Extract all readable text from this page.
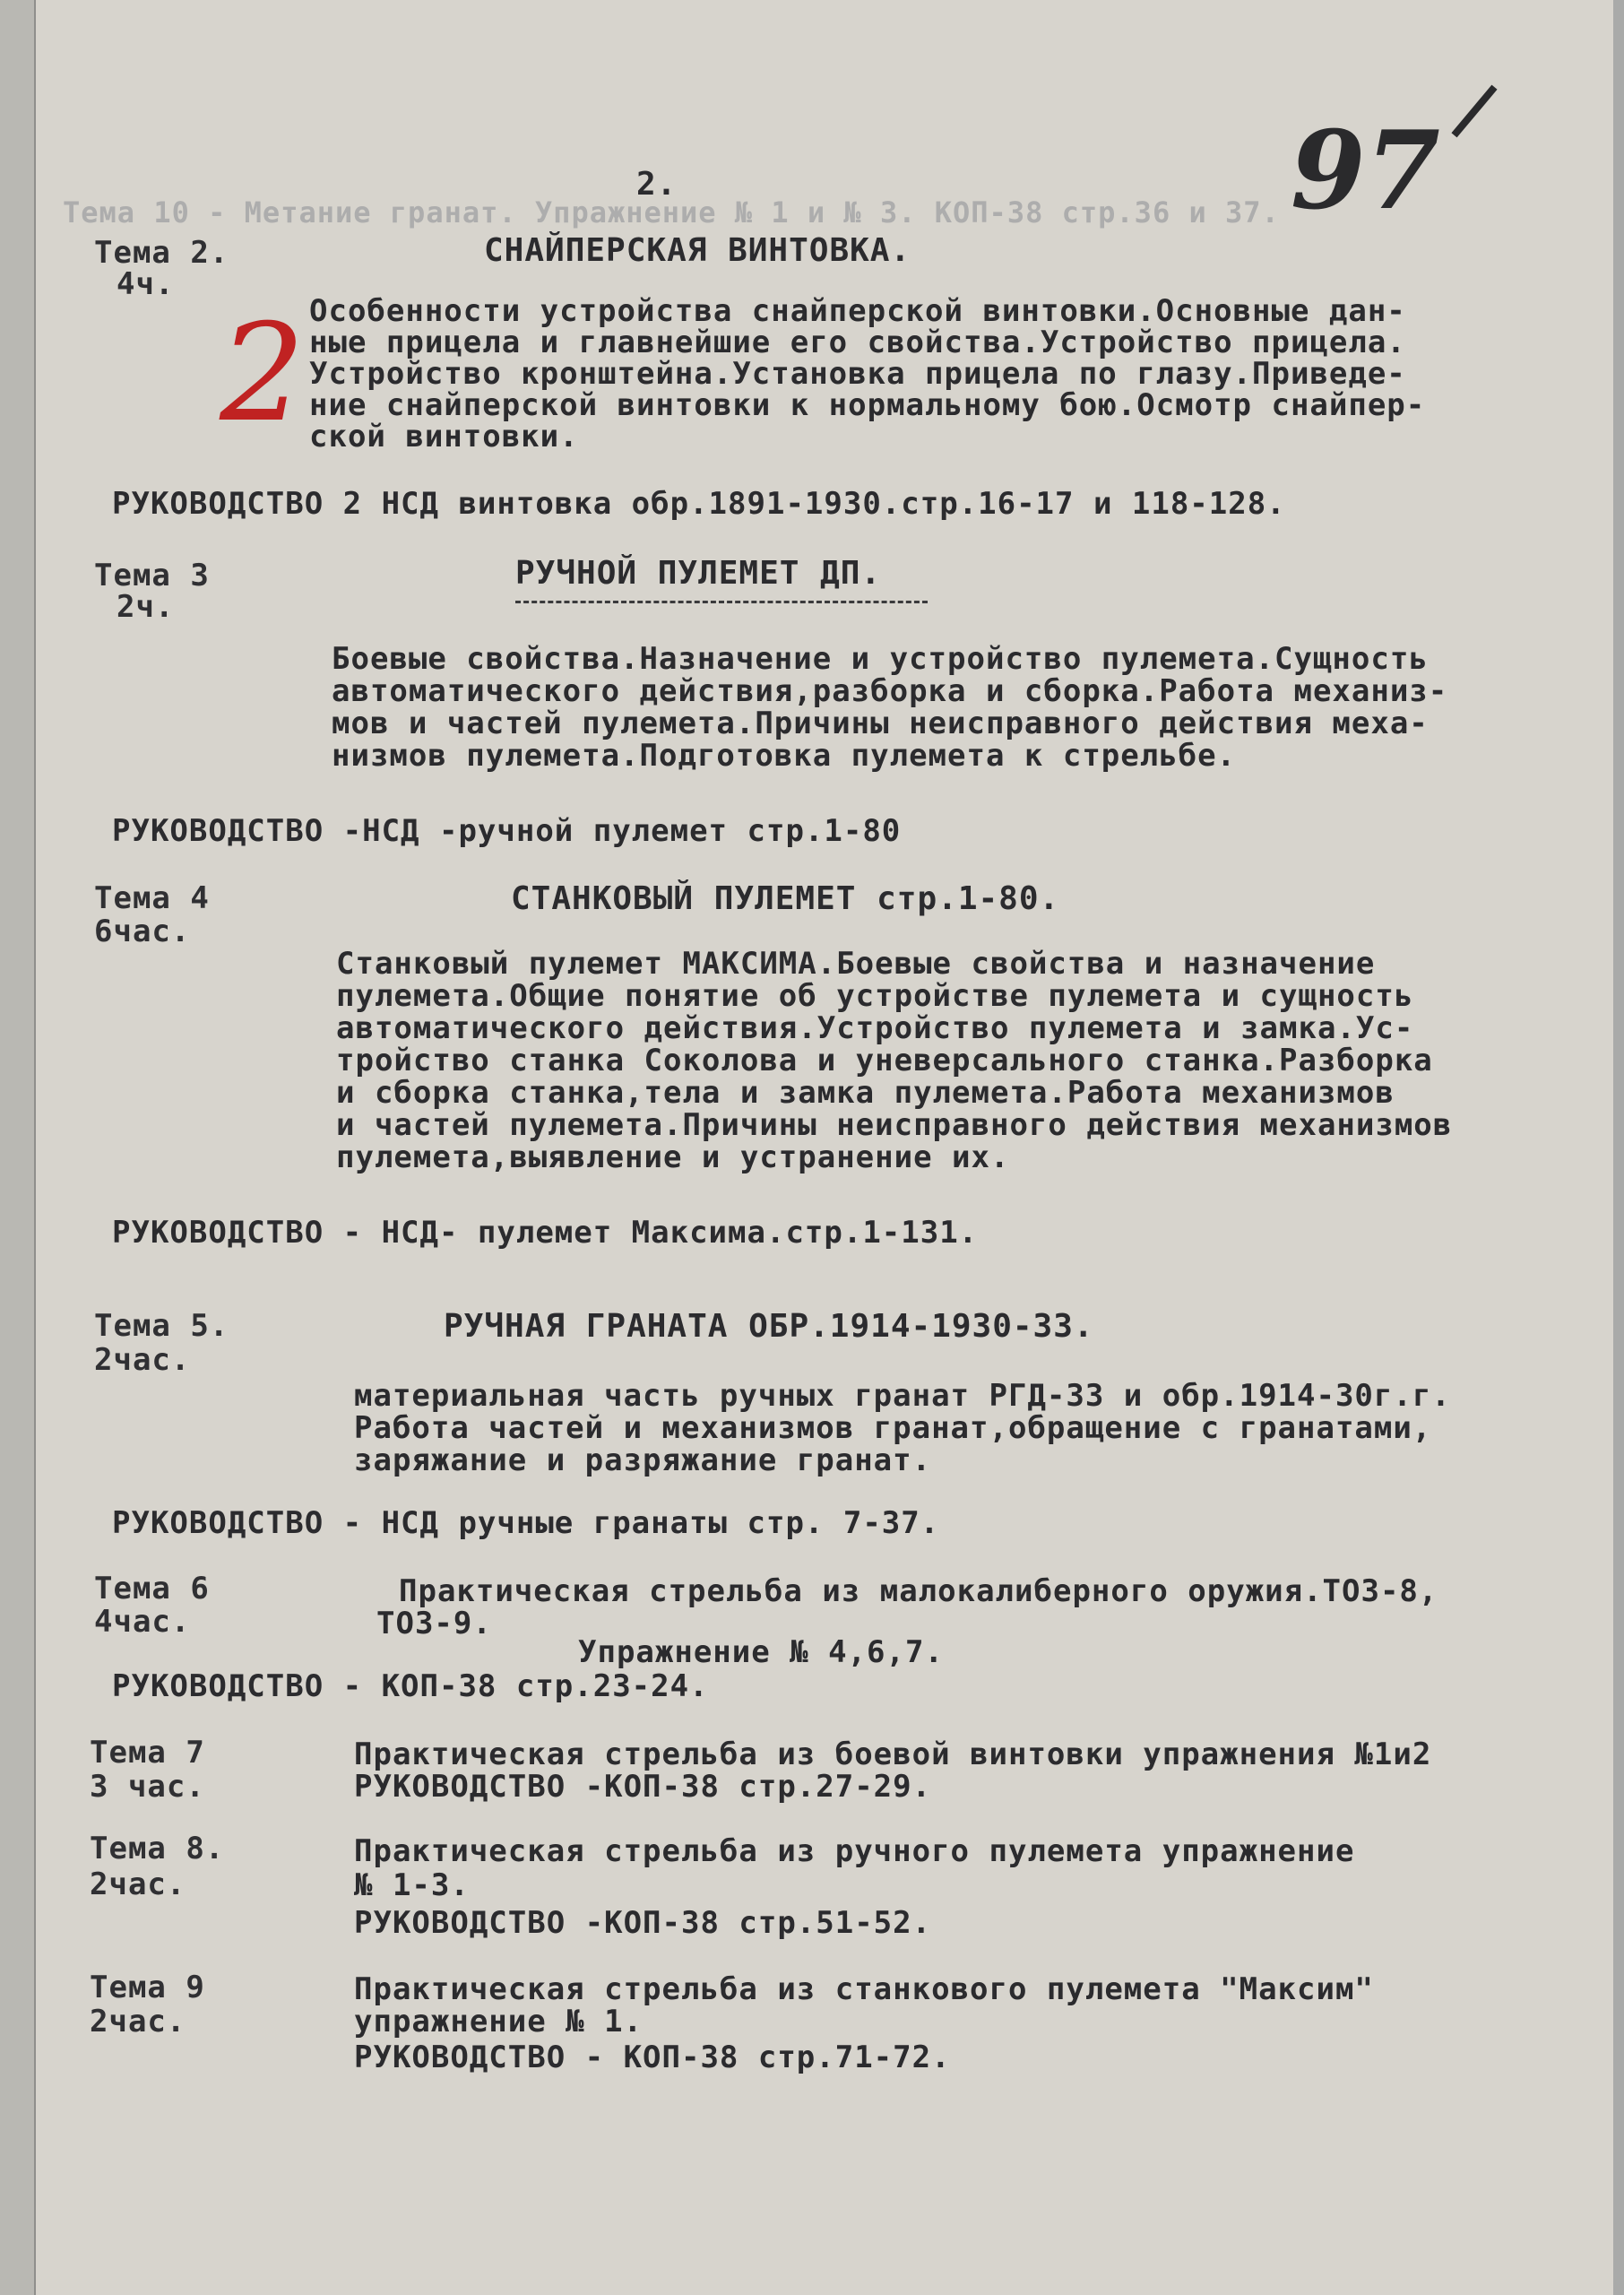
Тема 10 - Метание гранат. Упражнение № 1 и № 3. КОП-38 стр.36 и 37. 97
2
2.
Тема 2.
4ч.
СНАЙПЕРСКАЯ ВИНТОВКА.
Особенности устройства снайперской винтовки.Основные дан-
ные прицела и главнейшие его свойства.Устройство прицела.
Устройство кронштейна.Установка прицела по глазу.Приведе-
ние снайперской винтовки к нормальному бою.Осмотр снайпер-
ской винтовки.
РУКОВОДСТВО 2 НСД винтовка обр.1891-1930.стр.16-17 и 118-128.
Тема 3
2ч.
РУЧНОЙ ПУЛЕМЕТ ДП.
Боевые свойства.Назначение и устройство пулемета.Сущность
автоматического действия,разборка и сборка.Работа механиз-
мов и частей пулемета.Причины неисправного действия меха-
низмов пулемета.Подготовка пулемета к стрельбе.
РУКОВОДСТВО -НСД -ручной пулемет стр.1-80
Тема 4
6час.
СТАНКОВЫЙ ПУЛЕМЕТ стр.1-80.
Станковый пулемет МАКСИМА.Боевые свойства и назначение
пулемета.Общие понятие об устройстве пулемета и сущность
автоматического действия.Устройство пулемета и замка.Ус-
тройство станка Соколова и уневерсального станка.Разборка
и сборка станка,тела и замка пулемета.Работа механизмов
и частей пулемета.Причины неисправного действия механизмов
пулемета,выявление и устранение их.
РУКОВОДСТВО - НСД- пулемет Максима.стр.1-131.
Тема 5.
2час.
РУЧНАЯ ГРАНАТА ОБР.1914-1930-33.
материальная часть ручных гранат РГД-33 и обр.1914-30г.г.
Работа частей и механизмов гранат,обращение с гранатами,
заряжание и разряжание гранат.
РУКОВОДСТВО - НСД ручные гранаты стр. 7-37.
Тема 6
4час.
Практическая стрельба из малокалиберного оружия.ТОЗ-8,
ТОЗ-9.
Упражнение № 4,6,7.
РУКОВОДСТВО - КОП-38 стр.23-24.
Тема 7
3 час.
Практическая стрельба из боевой винтовки упражнения №1и2
РУКОВОДСТВО -КОП-38 стр.27-29.
Тема 8.
2час.
Практическая стрельба из ручного пулемета упражнение
№ 1-3.
РУКОВОДСТВО -КОП-38 стр.51-52.
Тема 9
2час.
Практическая стрельба из станкового пулемета "Максим"
упражнение № 1.
РУКОВОДСТВО - КОП-38 стр.71-72.
